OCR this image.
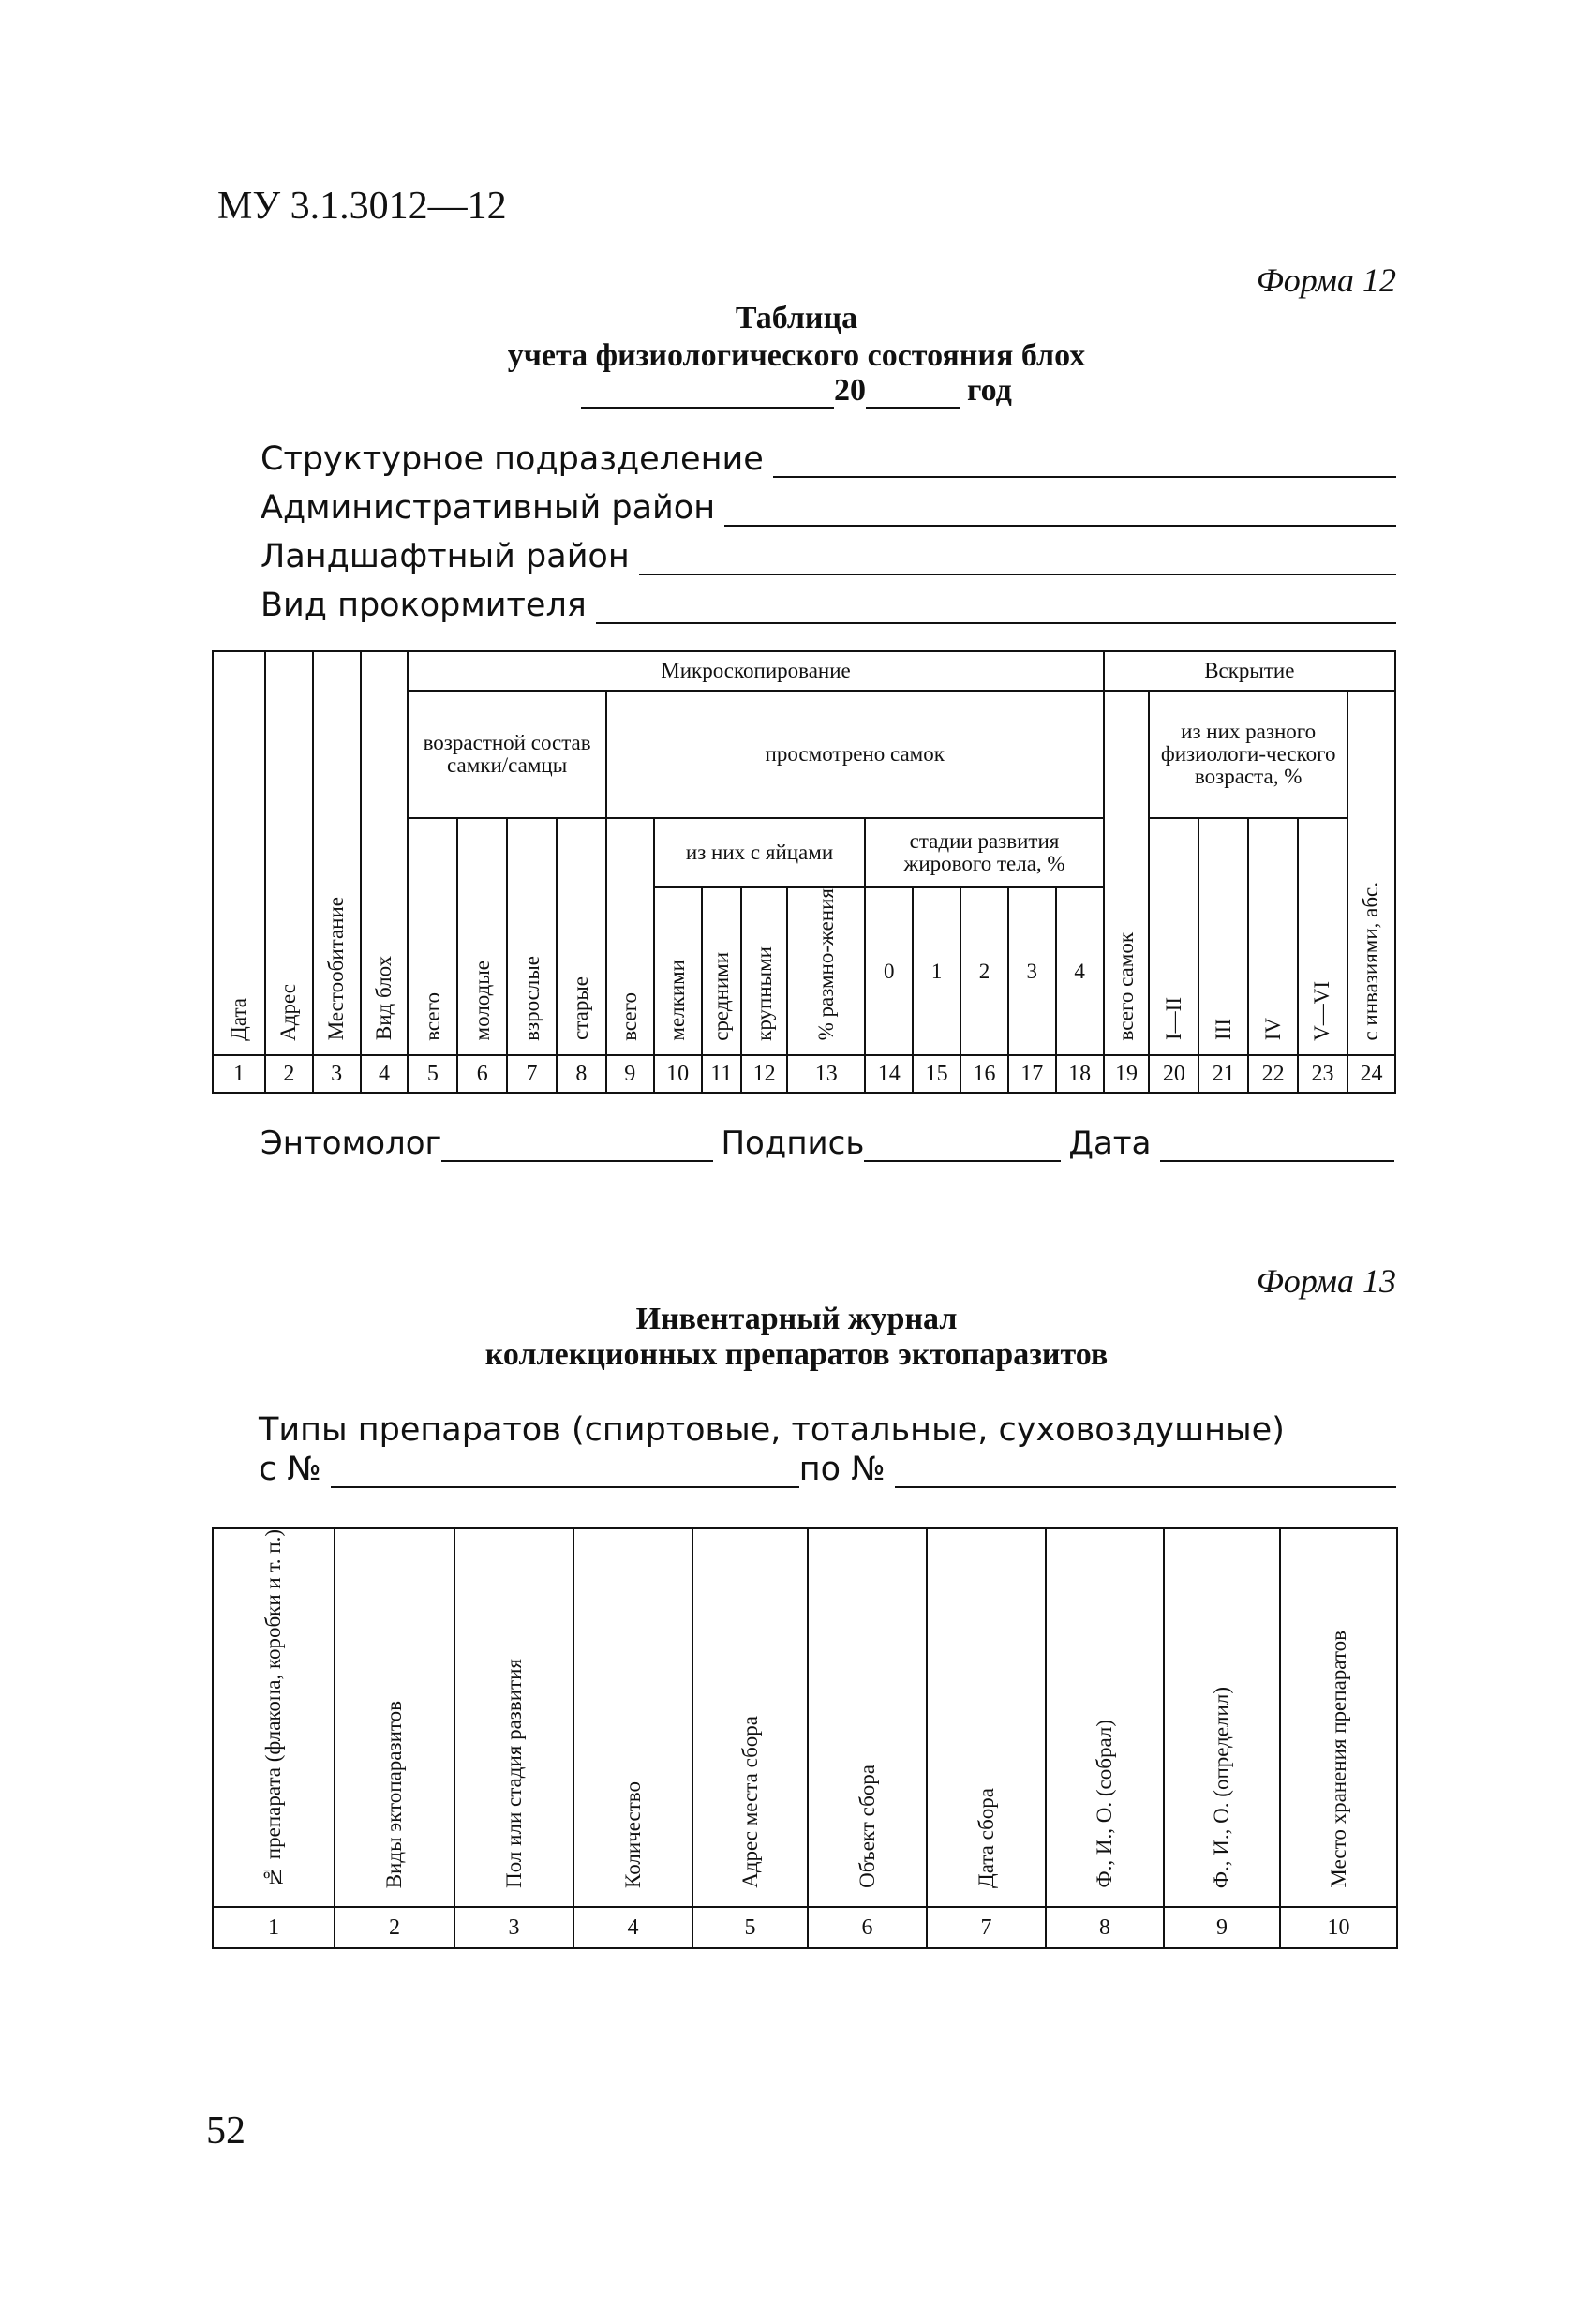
МУ 3.1.3012—12
Форма 12
Таблица
учета физиологического состояния блох
20	год
Структурное подразделение
Административный район
Ландшафтный район
Вид прокормителя
Дата	Адрес	Местообитание	Вид блох	Микроскопирование														Вскрытие					
				возрастной состав самки/самцы				просмотрено самок										всего самок	из них разного физиологи-ческого возраста, %				с инвазиями, абс.
				всего	молодые	взрослые	старые	всего	из них с яйцами				стадии развития жирового тела, %						I—II	III	IV	V—VI	
									мелкими	средними	крупными	% размно-жения	0	1	2	3	4						
1	2	3	4	5	6	7	8	9	10	11	12	13	14	15	16	17	18	19	20	21	22	23	24
Энтомолог	Подпись	Дата
Форма 13
Инвентарный журнал
коллекционных препаратов эктопаразитов
Типы препаратов (спиртовые, тотальные, суховоздушные)
с №	по №
№ препарата (флакона, коробки и т. п.)	Виды эктопаразитов	Пол или стадия развития	Количество	Адрес места сбора	Объект сбора	Дата сбора	Ф., И., О. (собрал)	Ф., И., О. (определил)	Место хранения препаратов
1	2	3	4	5	6	7	8	9	10
52
